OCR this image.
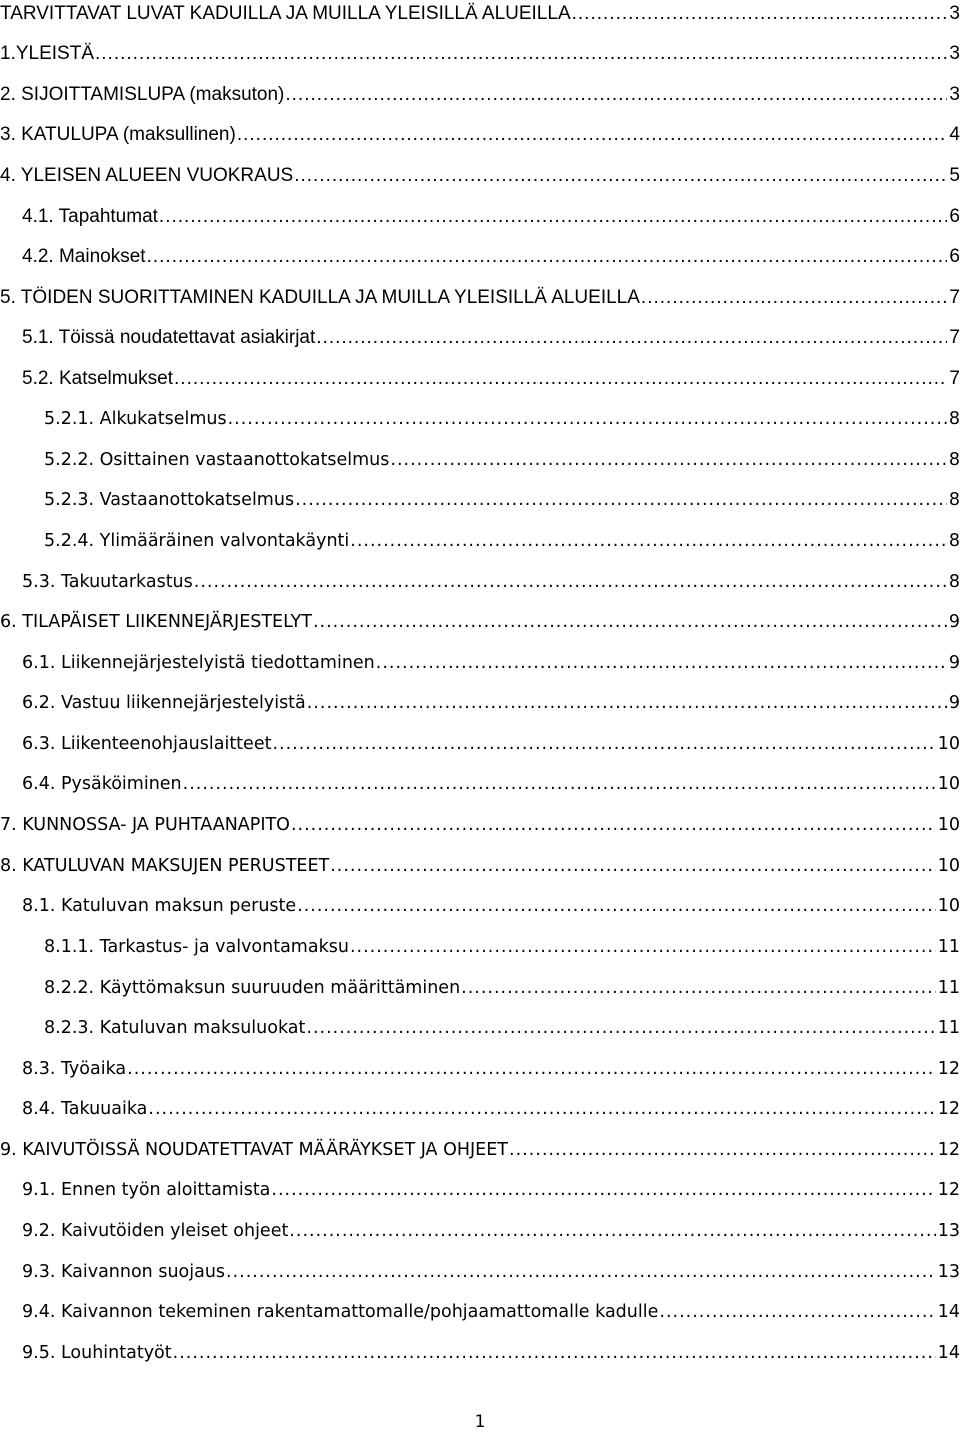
TARVITTAVAT LUVAT KADUILLA JA MUILLA YLEISILLÄ ALUEILLA .....	3
1.YLEISTÄ .....	3
2. SIJOITTAMISLUPA (maksuton) .....	3
3. KATULUPA (maksullinen) .....	4
4. YLEISEN ALUEEN VUOKRAUS .....	5
4.1. Tapahtumat .....	6
4.2. Mainokset .....	6
5. TÖIDEN SUORITTAMINEN KADUILLA JA MUILLA YLEISILLÄ ALUEILLA .....	7
5.1. Töissä noudatettavat asiakirjat .....	7
5.2. Katselmukset .....	7
5.2.1. Alkukatselmus .....	8
5.2.2. Osittainen vastaanottokatselmus .....	8
5.2.3. Vastaanottokatselmus .....	8
5.2.4. Ylimääräinen valvontakäynti .....	8
5.3. Takuutarkastus .....	8
6. TILAPÄISET LIIKENNEJÄRJESTELYT .....	9
6.1. Liikennejärjestelyistä tiedottaminen .....	9
6.2. Vastuu liikennejärjestelyistä .....	9
6.3. Liikenteenohjauslaitteet .....	10
6.4. Pysäköiminen .....	10
7. KUNNOSSA- JA PUHTAANAPITO .....	10
8. KATULUVAN MAKSUJEN PERUSTEET .....	10
8.1. Katuluvan maksun peruste .....	10
8.1.1. Tarkastus- ja valvontamaksu .....	11
8.2.2. Käyttömaksun suuruuden määrittäminen .....	11
8.2.3. Katuluvan maksuluokat .....	11
8.3. Työaika .....	12
8.4. Takuuaika .....	12
9. KAIVUTÖISSÄ NOUDATETTAVAT MÄÄRÄYKSET JA OHJEET .....	12
9.1. Ennen työn aloittamista .....	12
9.2. Kaivutöiden yleiset ohjeet .....	13
9.3. Kaivannon suojaus .....	13
9.4. Kaivannon tekeminen rakentamattomalle/pohjaamattomalle kadulle .....	14
9.5. Louhintatyöt .....	14
1
